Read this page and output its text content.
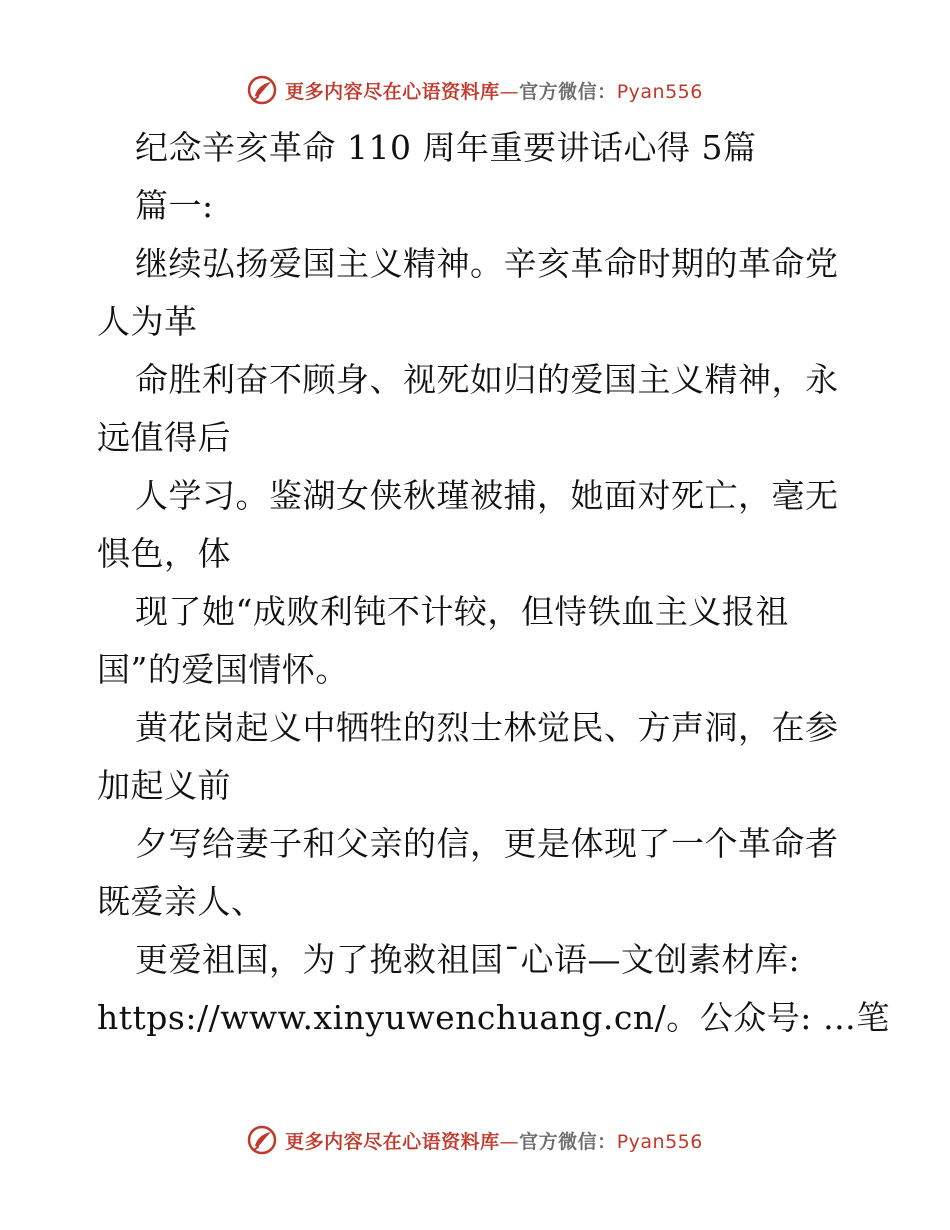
更多内容尽在心语资料库—官方微信：Pyan556
纪念辛亥革命 110 周年重要讲话心得 5篇
篇一:
继续弘扬爱国主义精神。辛亥革命时期的革命党
人为革
命胜利奋不顾身、视死如归的爱国主义精神，永
远值得后
人学习。鉴湖女侠秋瑾被捕，她面对死亡，毫无
惧色，体
现了她“成败利钝不计较，但恃铁血主义报祖
国”的爱国情怀。
黄花岗起义中牺牲的烈士林觉民、方声洞，在参
加起义前
夕写给妻子和父亲的信，更是体现了一个革命者
既爱亲人、
更爱祖国，为了挽救祖国¯心语—文创素材库:
https://www.xinyuwenchuang.cn/。公众号: …笔
更多内容尽在心语资料库—官方微信：Pyan556
